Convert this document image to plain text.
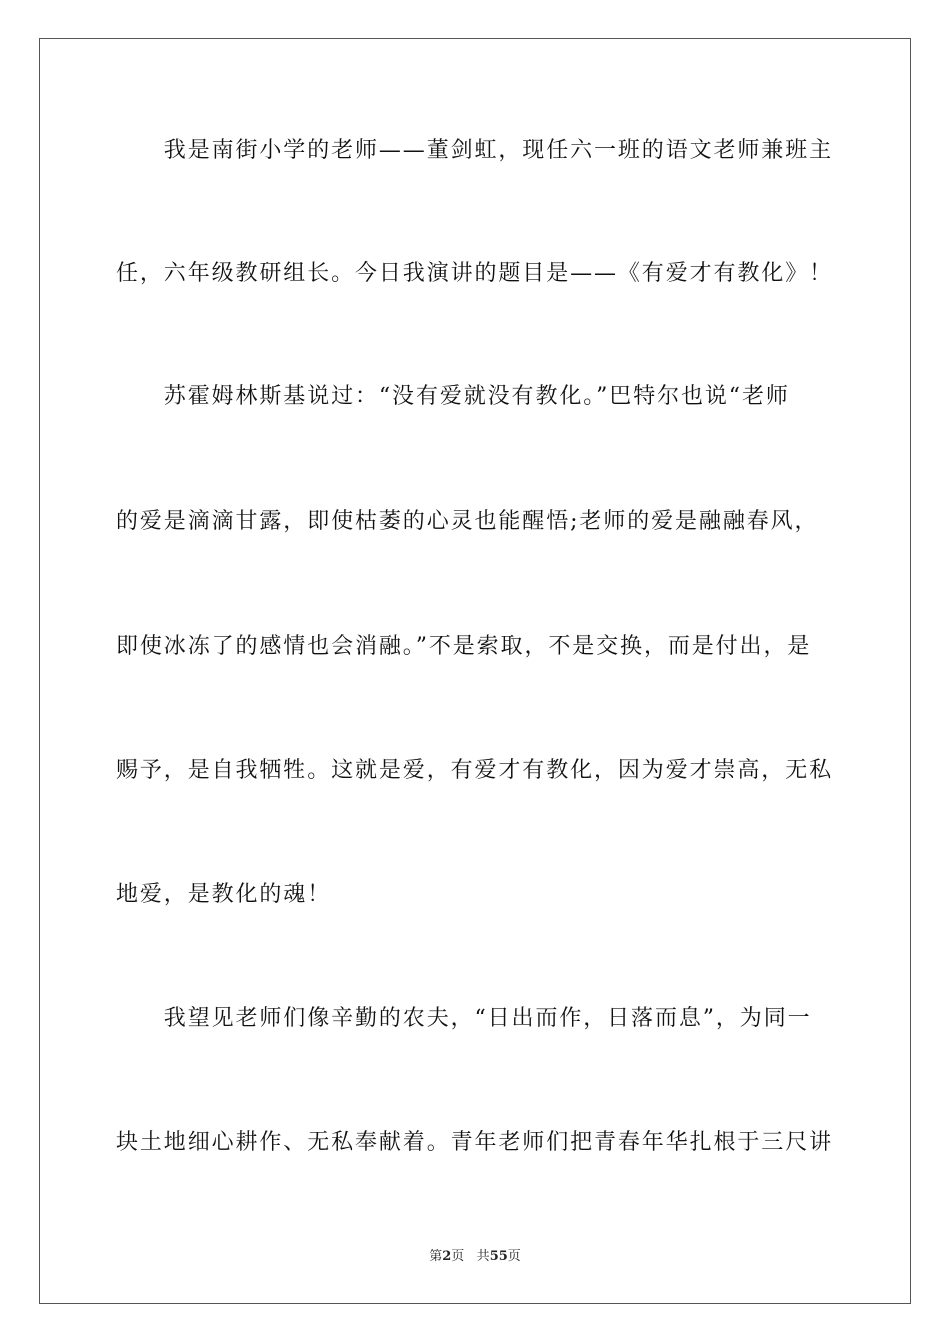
　　我是南街小学的老师——董剑虹，现任六一班的语文老师兼班主
任，六年级教研组长。今日我演讲的题目是——《有爱才有教化》！
　　苏霍姆林斯基说过：“没有爱就没有教化。”巴特尔也说“老师
的爱是滴滴甘露，即使枯萎的心灵也能醒悟;老师的爱是融融春风，
即使冰冻了的感情也会消融。”不是索取，不是交换，而是付出，是
赐予，是自我牺牲。这就是爱，有爱才有教化，因为爱才崇高，无私
地爱，是教化的魂！
　　我望见老师们像辛勤的农夫，“日出而作，日落而息”，为同一
块土地细心耕作、无私奉献着。青年老师们把青春年华扎根于三尺讲
第2页 共55页
